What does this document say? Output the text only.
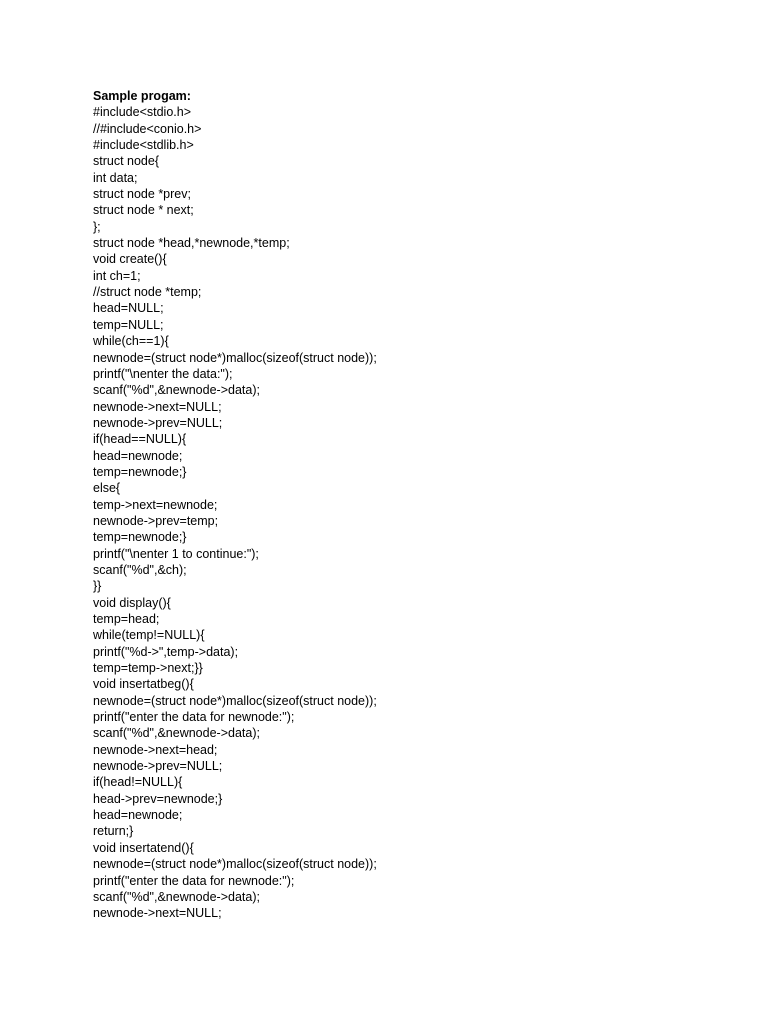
Sample progam:
#include<stdio.h>
//#include<conio.h>
#include<stdlib.h>
struct node{
int data;
struct node *prev;
struct node * next;
};
struct node *head,*newnode,*temp;
void create(){
int ch=1;
//struct node *temp;
head=NULL;
temp=NULL;
while(ch==1){
newnode=(struct node*)malloc(sizeof(struct node));
printf("\nenter the data:");
scanf("%d",&newnode->data);
newnode->next=NULL;
newnode->prev=NULL;
if(head==NULL){
head=newnode;
temp=newnode;}
else{
temp->next=newnode;
newnode->prev=temp;
temp=newnode;}
printf("\nenter 1 to continue:");
scanf("%d",&ch);
}}
void display(){
temp=head;
while(temp!=NULL){
printf("%d->",temp->data);
temp=temp->next;}}
void insertatbeg(){
newnode=(struct node*)malloc(sizeof(struct node));
printf("enter the data for newnode:");
scanf("%d",&newnode->data);
newnode->next=head;
newnode->prev=NULL;
if(head!=NULL){
head->prev=newnode;}
head=newnode;
return;}
void insertatend(){
newnode=(struct node*)malloc(sizeof(struct node));
printf("enter the data for newnode:");
scanf("%d",&newnode->data);
newnode->next=NULL;
